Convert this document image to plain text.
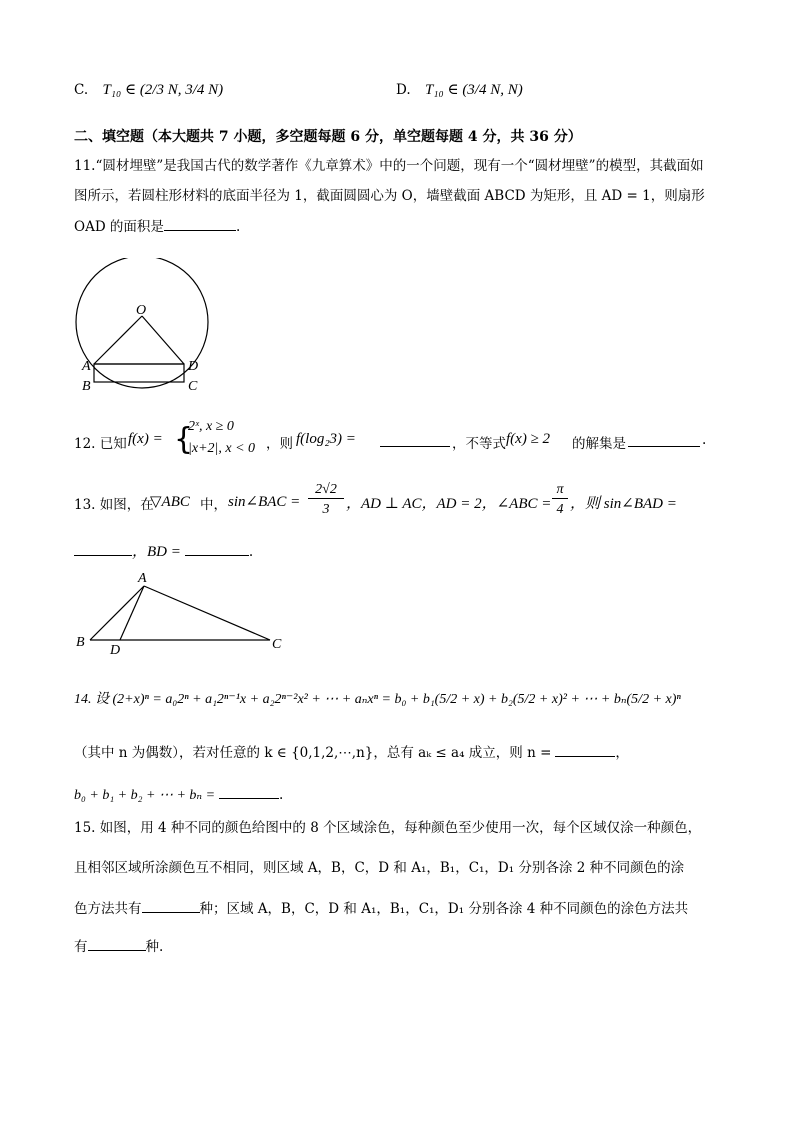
C. T₁₀ ∈ (2/3 N, 3/4 N)	D. T₁₀ ∈ (3/4 N, N)
二、填空题（本大题共 7 小题，多空题每题 6 分，单空题每题 4 分，共 36 分）
11.“圆材埋壁”是我国古代的数学著作《九章算术》中的一个问题，现有一个“圆材埋壁”的模型，其截面如
图所示，若圆柱形材料的底面半径为 1，截面圆圆心为 O，墙壁截面 ABCD 为矩形，且 AD = 1，则扇形
OAD 的面积是	.
O
A	D
B	C
12. 已知 f(x) = {
2ˣ, x ≥ 0
|x+2|, x < 0 ，则 f(log₂3) =	，不等式 f(x) ≥ 2 的解集是	.
13. 如图，在
▽ABC 中， sin∠BAC =
2√2
3	，AD ⊥ AC，AD = 2，∠ABC =
π
4 ，则 sin∠BAD =
，BD =	.
A
B
D	C
14. 设 (2+x)ⁿ = a₀2ⁿ + a₁2ⁿ⁻¹x + a₂2ⁿ⁻²x² + ⋯ + aₙxⁿ = b₀ + b₁(5/2 + x) + b₂(5/2 + x)² + ⋯ + bₙ(5/2 + x)ⁿ
（其中 n 为偶数），若对任意的 k ∈ {0,1,2,⋯,n}，总有 aₖ ≤ a₄ 成立，则 n =	，
b₀ + b₁ + b₂ + ⋯ + bₙ =	.
15. 如图，用 4 种不同的颜色给图中的 8 个区域涂色，每种颜色至少使用一次，每个区域仅涂一种颜色，
且相邻区域所涂颜色互不相同，则区域 A，B，C，D 和 A₁，B₁，C₁，D₁ 分别各涂 2 种不同颜色的涂
色方法共有	种；区域 A，B，C，D 和 A₁，B₁，C₁，D₁ 分别各涂 4 种不同颜色的涂色方法共
有	种.
